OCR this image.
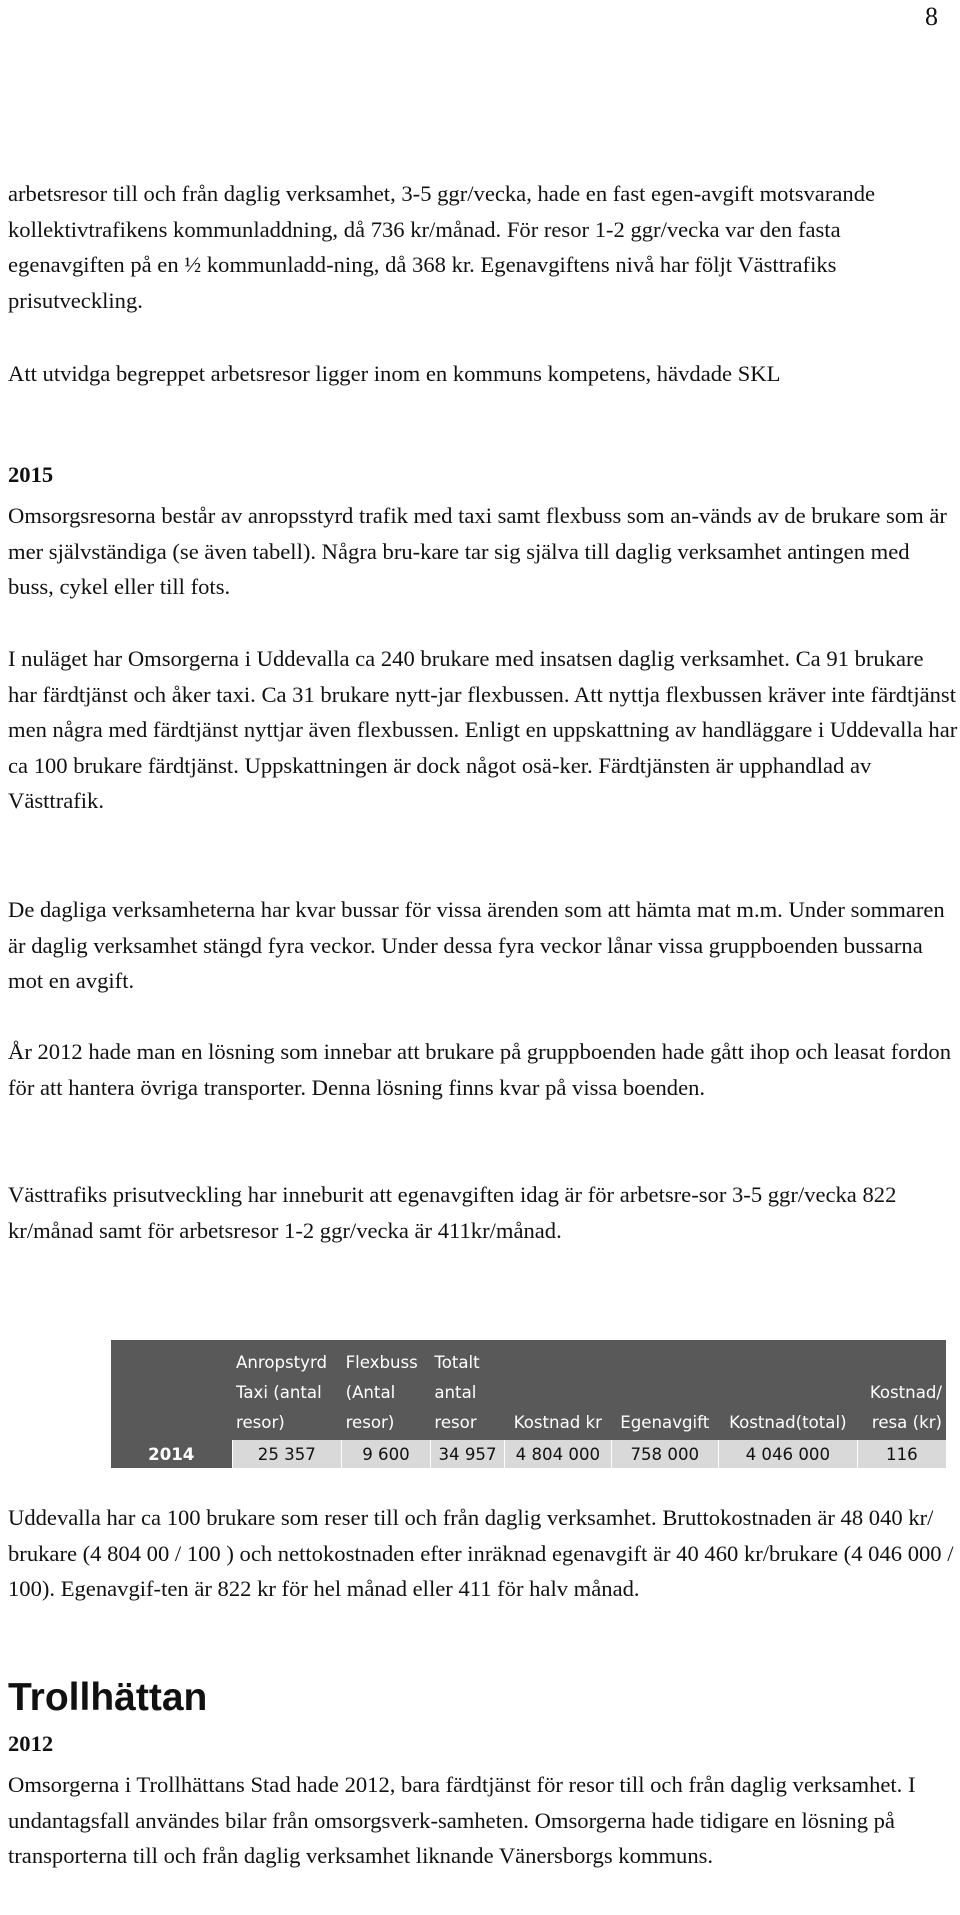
8

arbetsresor till och från daglig verksamhet, 3-5 ggr/vecka, hade en fast egen-avgift motsvarande kollektivtrafikens kommunladdning, då 736 kr/månad. För resor 1-2 ggr/vecka var den fasta egenavgiften på en ½ kommunladd-ning, då 368 kr. Egenavgiftens nivå har följt Västtrafiks prisutveckling.

Att utvidga begreppet arbetsresor ligger inom en kommuns kompetens, hävdade SKL

2015

Omsorgsresorna består av anropsstyrd trafik med taxi samt flexbuss som an-vänds av de brukare som är mer självständiga (se även tabell). Några bru-kare tar sig själva till daglig verksamhet antingen med buss, cykel eller till fots.

I nuläget har Omsorgerna i Uddevalla ca 240 brukare med insatsen daglig verksamhet. Ca 91 brukare har färdtjänst och åker taxi. Ca 31 brukare nytt-jar flexbussen. Att nyttja flexbussen kräver inte färdtjänst men några med färdtjänst nyttjar även flexbussen. Enligt en uppskattning av handläggare i Uddevalla har ca 100 brukare färdtjänst. Uppskattningen är dock något osä-ker. Färdtjänsten är upphandlad av Västtrafik.

De dagliga verksamheterna har kvar bussar för vissa ärenden som att hämta mat m.m. Under sommaren är daglig verksamhet stängd fyra veckor. Under dessa fyra veckor lånar vissa gruppboenden bussarna mot en avgift.

År 2012 hade man en lösning som innebar att brukare på gruppboenden hade gått ihop och leasat fordon för att hantera övriga transporter. Denna lösning finns kvar på vissa boenden.

Västtrafiks prisutveckling har inneburit att egenavgiften idag är för arbetsre-sor 3-5 ggr/vecka 822 kr/månad samt för arbetsresor 1-2 ggr/vecka är 411kr/månad.

	Anropstyrd
Taxi (antal
resor)	Flexbuss
(Antal
resor)	Totalt
antal
resor	Kostnad kr	Egenavgift	Kostnad(total)	Kostnad/
resa (kr)

2014	25 357	9 600	34 957	4 804 000	758 000	4 046 000	116

Uddevalla har ca 100 brukare som reser till och från daglig verksamhet. Bruttokostnaden är 48 040 kr/ brukare (4 804 00 / 100 ) och nettokostnaden efter inräknad egenavgift är 40 460 kr/brukare (4 046 000 / 100). Egenavgif-ten är 822 kr för hel månad eller 411 för halv månad.

Trollhättan

2012

Omsorgerna i Trollhättans Stad hade 2012, bara färdtjänst för resor till och från daglig verksamhet. I undantagsfall användes bilar från omsorgsverk-samheten. Omsorgerna hade tidigare en lösning på transporterna till och från daglig verksamhet liknande Vänersborgs kommuns.
